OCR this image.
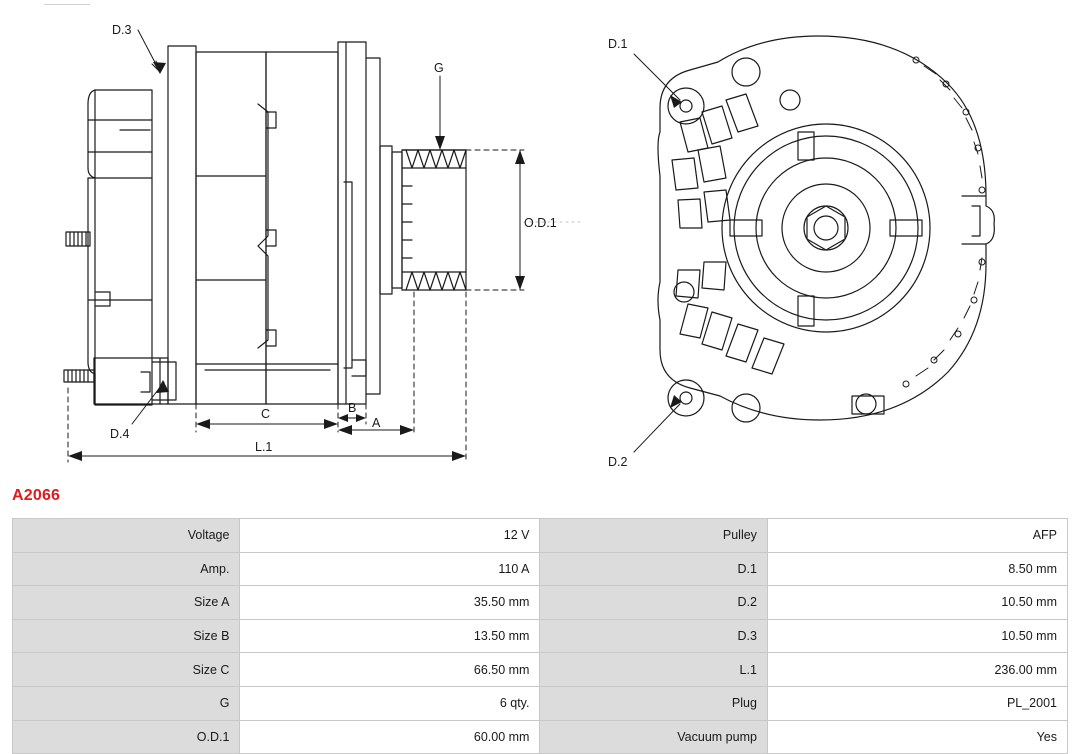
D.3
D.4
G
O.D.1
A
B
C
L.1
D.1
D.2
A2066
Voltage	12 V	Pulley	AFP
Amp.	110 A	D.1	8.50 mm
Size A	35.50 mm	D.2	10.50 mm
Size B	13.50 mm	D.3	10.50 mm
Size C	66.50 mm	L.1	236.00 mm
G	6 qty.	Plug	PL_2001
O.D.1	60.00 mm	Vacuum pump	Yes
